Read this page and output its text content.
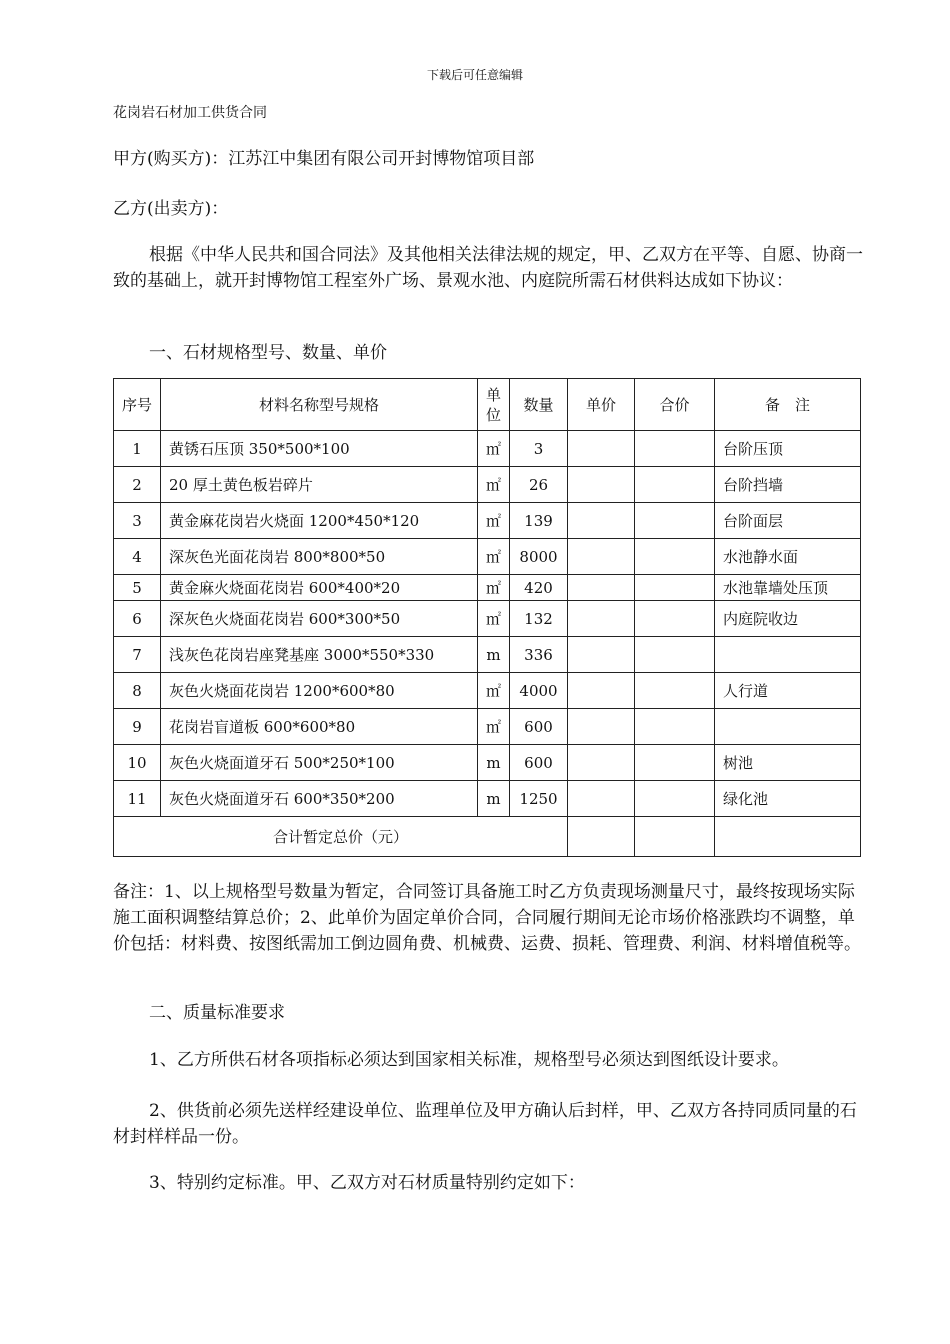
下载后可任意编辑
花岗岩石材加工供货合同

甲方(购买方)：江苏江中集团有限公司开封博物馆项目部

乙方(出卖方)：

根据《中华人民共和国合同法》及其他相关法律法规的规定，甲、乙双方在平等、自愿、协商一致的基础上，就开封博物馆工程室外广场、景观水池、内庭院所需石材供料达成如下协议：

一、石材规格型号、数量、单价

序号	材料名称型号规格	单位	数量	单价	合价	备　注
1	黄锈石压顶 350*500*100	㎡	3			台阶压顶
2	20 厚土黄色板岩碎片	㎡	26			台阶挡墙
3	黄金麻花岗岩火烧面 1200*450*120	㎡	139			台阶面层
4	深灰色光面花岗岩 800*800*50	㎡	8000			水池静水面
5	黄金麻火烧面花岗岩 600*400*20	㎡	420			水池靠墙处压顶
6	深灰色火烧面花岗岩 600*300*50	㎡	132			内庭院收边
7	浅灰色花岗岩座凳基座 3000*550*330	m	336			
8	灰色火烧面花岗岩 1200*600*80	㎡	4000			人行道
9	花岗岩盲道板 600*600*80	㎡	600			
10	灰色火烧面道牙石 500*250*100	m	600			树池
11	灰色火烧面道牙石 600*350*200	m	1250			绿化池
合计暂定总价（元）						

备注：1、以上规格型号数量为暂定，合同签订具备施工时乙方负责现场测量尺寸，最终按现场实际施工面积调整结算总价；2、此单价为固定单价合同，合同履行期间无论市场价格涨跌均不调整，单价包括：材料费、按图纸需加工倒边圆角费、机械费、运费、损耗、管理费、利润、材料增值税等。

二、质量标准要求

1、乙方所供石材各项指标必须达到国家相关标准，规格型号必须达到图纸设计要求。

2、供货前必须先送样经建设单位、监理单位及甲方确认后封样，甲、乙双方各持同质同量的石材封样样品一份。

3、特别约定标准。甲、乙双方对石材质量特别约定如下：
